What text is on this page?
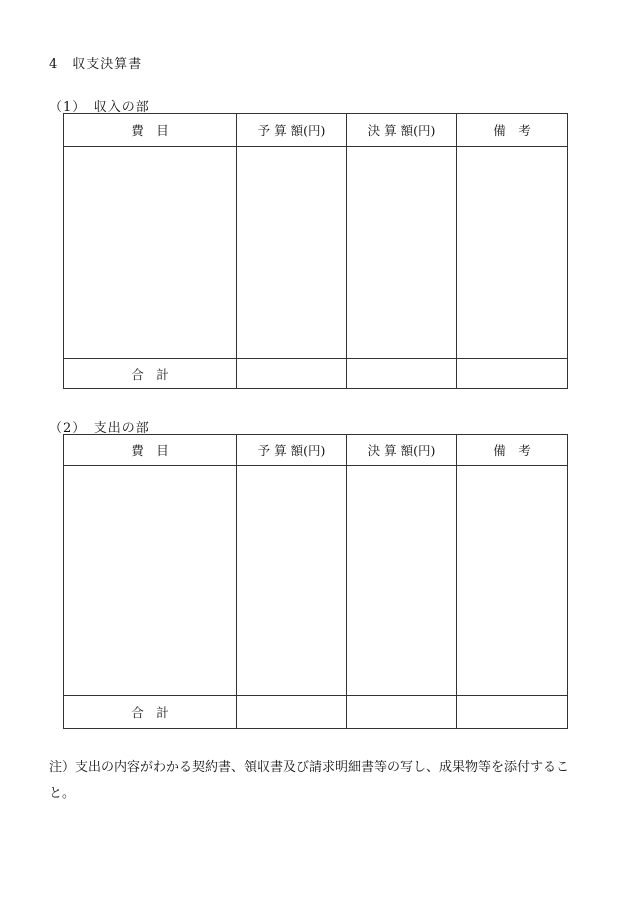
4　収支決算書
（1）　収入の部
費　目	予 算 額(円)	決 算 額(円)	備　考

合　計			
（2）　支出の部
費　目	予 算 額(円)	決 算 額(円)	備　考

合　計			
注）支出の内容がわかる契約書、領収書及び請求明細書等の写し、成果物等を添付すること。
